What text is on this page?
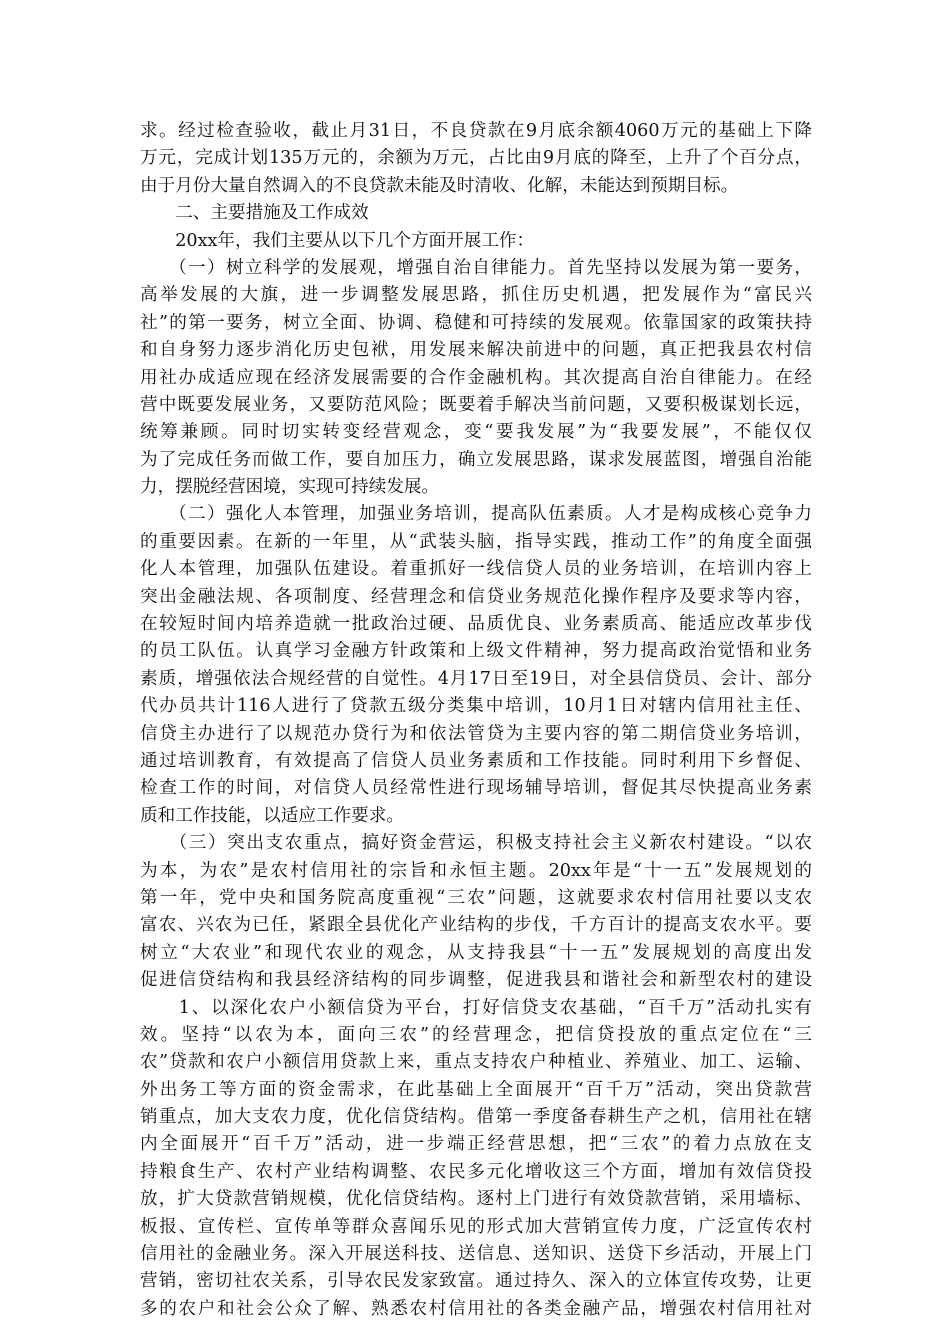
求。经过检查验收，截止月31日，不良贷款在9月底余额4060万元的基础上下降
万元，完成计划135万元的，余额为万元，占比由9月底的降至，上升了个百分点，
由于月份大量自然调入的不良贷款未能及时清收、化解，未能达到预期目标。
　　二、主要措施及工作成效
　　20xx年，我们主要从以下几个方面开展工作：
　　（一）树立科学的发展观，增强自治自律能力。首先坚持以发展为第一要务，
高举发展的大旗，进一步调整发展思路，抓住历史机遇，把发展作为“富民兴
社”的第一要务，树立全面、协调、稳健和可持续的发展观。依靠国家的政策扶持
和自身努力逐步消化历史包袱，用发展来解决前进中的问题，真正把我县农村信
用社办成适应现在经济发展需要的合作金融机构。其次提高自治自律能力。在经
营中既要发展业务，又要防范风险；既要着手解决当前问题，又要积极谋划长远，
统筹兼顾。同时切实转变经营观念，变“要我发展”为“我要发展”，不能仅仅
为了完成任务而做工作，要自加压力，确立发展思路，谋求发展蓝图，增强自治能
力，摆脱经营困境，实现可持续发展。
　　（二）强化人本管理，加强业务培训，提高队伍素质。人才是构成核心竞争力
的重要因素。在新的一年里，从“武装头脑，指导实践，推动工作”的角度全面强
化人本管理，加强队伍建设。着重抓好一线信贷人员的业务培训，在培训内容上
突出金融法规、各项制度、经营理念和信贷业务规范化操作程序及要求等内容，
在较短时间内培养造就一批政治过硬、品质优良、业务素质高、能适应改革步伐
的员工队伍。认真学习金融方针政策和上级文件精神，努力提高政治觉悟和业务
素质，增强依法合规经营的自觉性。4月17日至19日，对全县信贷员、会计、部分
代办员共计116人进行了贷款五级分类集中培训，10月1日对辖内信用社主任、
信贷主办进行了以规范办贷行为和依法管贷为主要内容的第二期信贷业务培训，
通过培训教育，有效提高了信贷人员业务素质和工作技能。同时利用下乡督促、
检查工作的时间，对信贷人员经常性进行现场辅导培训，督促其尽快提高业务素
质和工作技能，以适应工作要求。
　　（三）突出支农重点，搞好资金营运，积极支持社会主义新农村建设。“以农
为本，为农”是农村信用社的宗旨和永恒主题。20xx年是“十一五”发展规划的
第一年，党中央和国务院高度重视“三农”问题，这就要求农村信用社要以支农
富农、兴农为已任，紧跟全县优化产业结构的步伐，千方百计的提高支农水平。要
树立“大农业”和现代农业的观念，从支持我县“十一五”发展规划的高度出发
促进信贷结构和我县经济结构的同步调整，促进我县和谐社会和新型农村的建设
　　1、以深化农户小额信贷为平台，打好信贷支农基础，“百千万”活动扎实有
效。坚持“以农为本，面向三农”的经营理念，把信贷投放的重点定位在“三
农”贷款和农户小额信用贷款上来，重点支持农户种植业、养殖业、加工、运输、
外出务工等方面的资金需求，在此基础上全面展开“百千万”活动，突出贷款营
销重点，加大支农力度，优化信贷结构。借第一季度备春耕生产之机，信用社在辖
内全面展开“百千万”活动，进一步端正经营思想，把“三农”的着力点放在支
持粮食生产、农村产业结构调整、农民多元化增收这三个方面，增加有效信贷投
放，扩大贷款营销规模，优化信贷结构。逐村上门进行有效贷款营销，采用墙标、
板报、宣传栏、宣传单等群众喜闻乐见的形式加大营销宣传力度，广泛宣传农村
信用社的金融业务。深入开展送科技、送信息、送知识、送贷下乡活动，开展上门
营销，密切社农关系，引导农民发家致富。通过持久、深入的立体宣传攻势，让更
多的农户和社会公众了解、熟悉农村信用社的各类金融产品，增强农村信用社对
